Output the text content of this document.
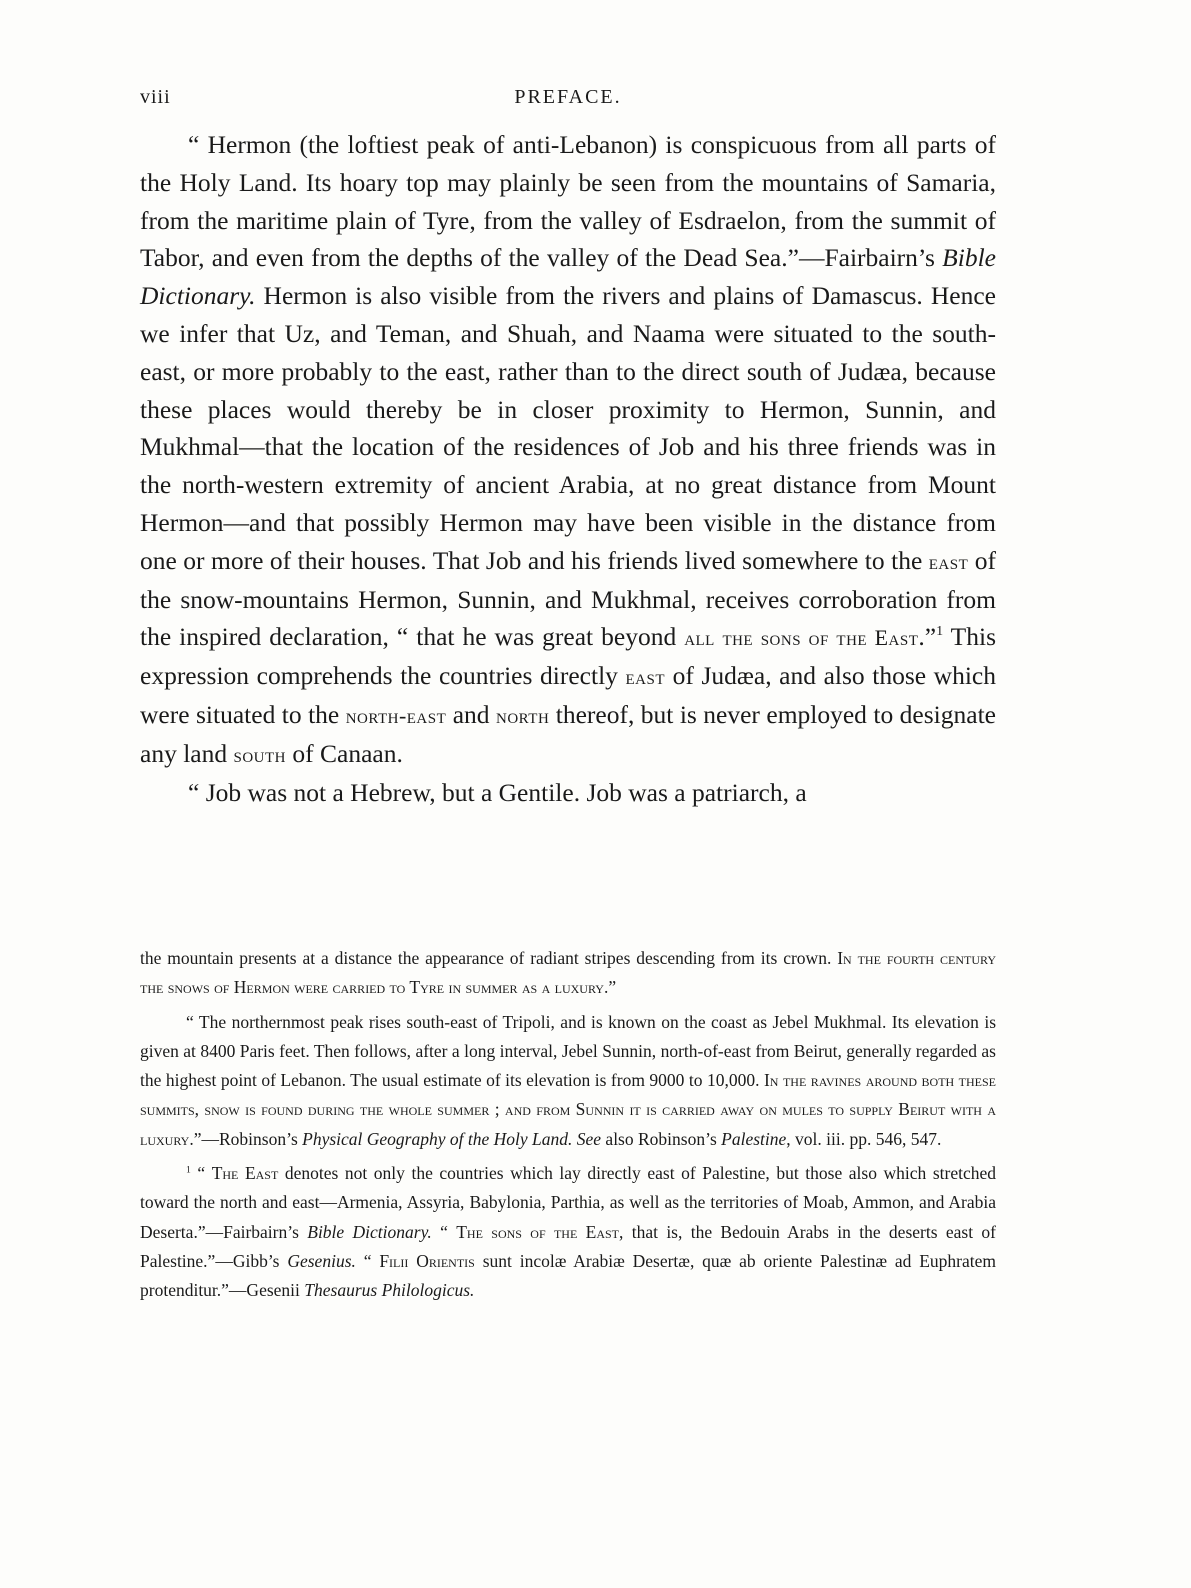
viii	PREFACE.

“ Hermon (the loftiest peak of anti-Lebanon) is conspicuous from all parts of the Holy Land. Its hoary top may plainly be seen from the mountains of Samaria, from the maritime plain of Tyre, from the valley of Esdraelon, from the summit of Tabor, and even from the depths of the valley of the Dead Sea.”—Fairbairn’s Bible Dictionary. Hermon is also visible from the rivers and plains of Damascus. Hence we infer that Uz, and Teman, and Shuah, and Naama were situated to the south-east, or more probably to the east, rather than to the direct south of Judæa, because these places would thereby be in closer proximity to Hermon, Sunnin, and Mukhmal—that the location of the residences of Job and his three friends was in the north-western extremity of ancient Arabia, at no great distance from Mount Hermon—and that possibly Hermon may have been visible in the distance from one or more of their houses. That Job and his friends lived somewhere to the east of the snow-mountains Hermon, Sunnin, and Mukhmal, receives corroboration from the inspired declaration, “ that he was great beyond all the sons of the East.”$^1$ This expression comprehends the countries directly east of Judæa, and also those which were situated to the north-east and north thereof, but is never employed to designate any land south of Canaan.

“ Job was not a Hebrew, but a Gentile. Job was a patriarch, a

the mountain presents at a distance the appearance of radiant stripes descending from its crown. In the fourth century the snows of Hermon were carried to Tyre in summer as a luxury.”

“ The northernmost peak rises south-east of Tripoli, and is known on the coast as Jebel Mukhmal. Its elevation is given at 8400 Paris feet. Then follows, after a long interval, Jebel Sunnin, north-of-east from Beirut, generally regarded as the highest point of Lebanon. The usual estimate of its elevation is from 9000 to 10,000. In the ravines around both these summits, snow is found during the whole summer ; and from Sunnin it is carried away on mules to supply Beirut with a luxury.”—Robinson’s Physical Geography of the Holy Land. See also Robinson’s Palestine, vol. iii. pp. 546, 547.

$^1$ “ The East denotes not only the countries which lay directly east of Palestine, but those also which stretched toward the north and east—Armenia, Assyria, Babylonia, Parthia, as well as the territories of Moab, Ammon, and Arabia Deserta.”—Fairbairn’s Bible Dictionary. “ The sons of the East, that is, the Bedouin Arabs in the deserts east of Palestine.”—Gibb’s Gesenius. “ Filii Orientis sunt incolæ Arabiæ Desertæ, quæ ab oriente Palestinæ ad Euphratem protenditur.”—Gesenii Thesaurus Philologicus.
